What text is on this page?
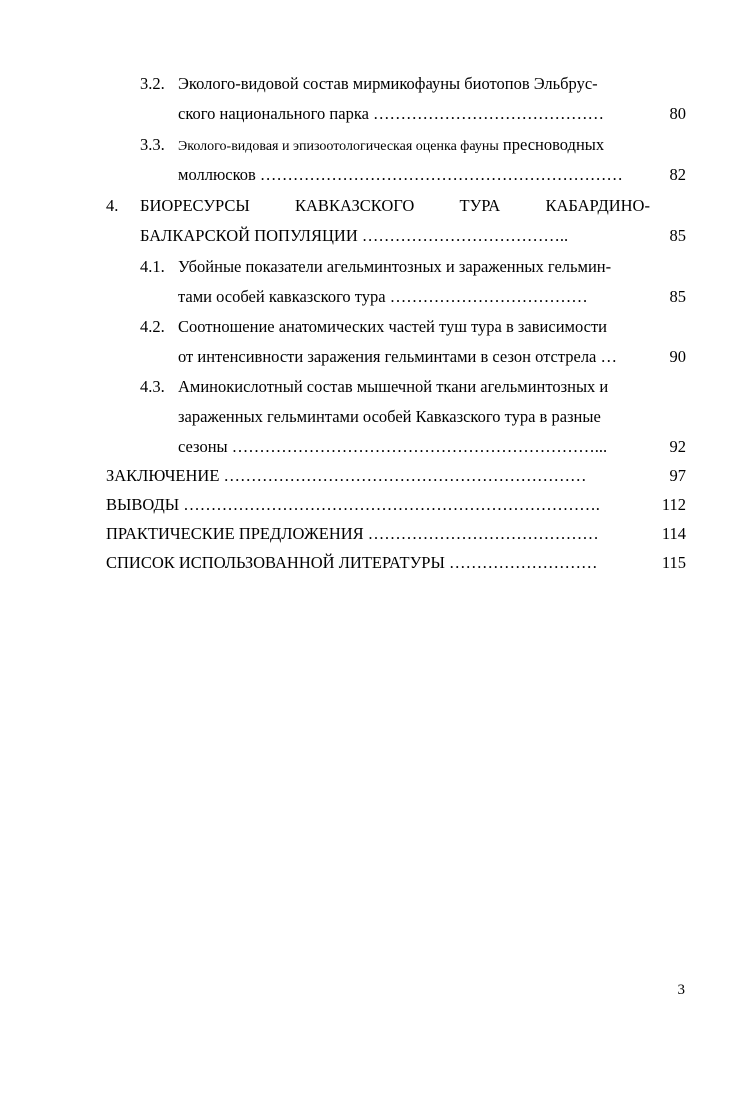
3.2. Эколого-видовой состав мирмикофауны биотопов Эльбрус-
ского национального парка ……………………………………	80
3.3. Эколого-видовая и эпизоотологическая оценка фауны пресноводных
моллюсков …………………………………………………………	82
4. БИОРЕСУРСЫ	КАВКАЗСКОГО	ТУРА	КАБАРДИНО-
БАЛКАРСКОЙ ПОПУЛЯЦИИ ………………………………..	85
4.1. Убойные показатели агельминтозных и зараженных гельмин-
тами особей кавказского тура ………………………………	85
4.2. Соотношение анатомических частей туш тура в зависимости
от интенсивности заражения гельминтами в сезон отстрела …	90
4.3. Аминокислотный состав мышечной ткани агельминтозных и
зараженных гельминтами особей Кавказского тура в разные
сезоны …………………………………………………………...	92
ЗАКЛЮЧЕНИЕ …………………………………………………………	97
ВЫВОДЫ ………………………………………………………………….	112
ПРАКТИЧЕСКИЕ ПРЕДЛОЖЕНИЯ ……………………………………	114
СПИСОК ИСПОЛЬЗОВАННОЙ ЛИТЕРАТУРЫ ………………………	115
3
